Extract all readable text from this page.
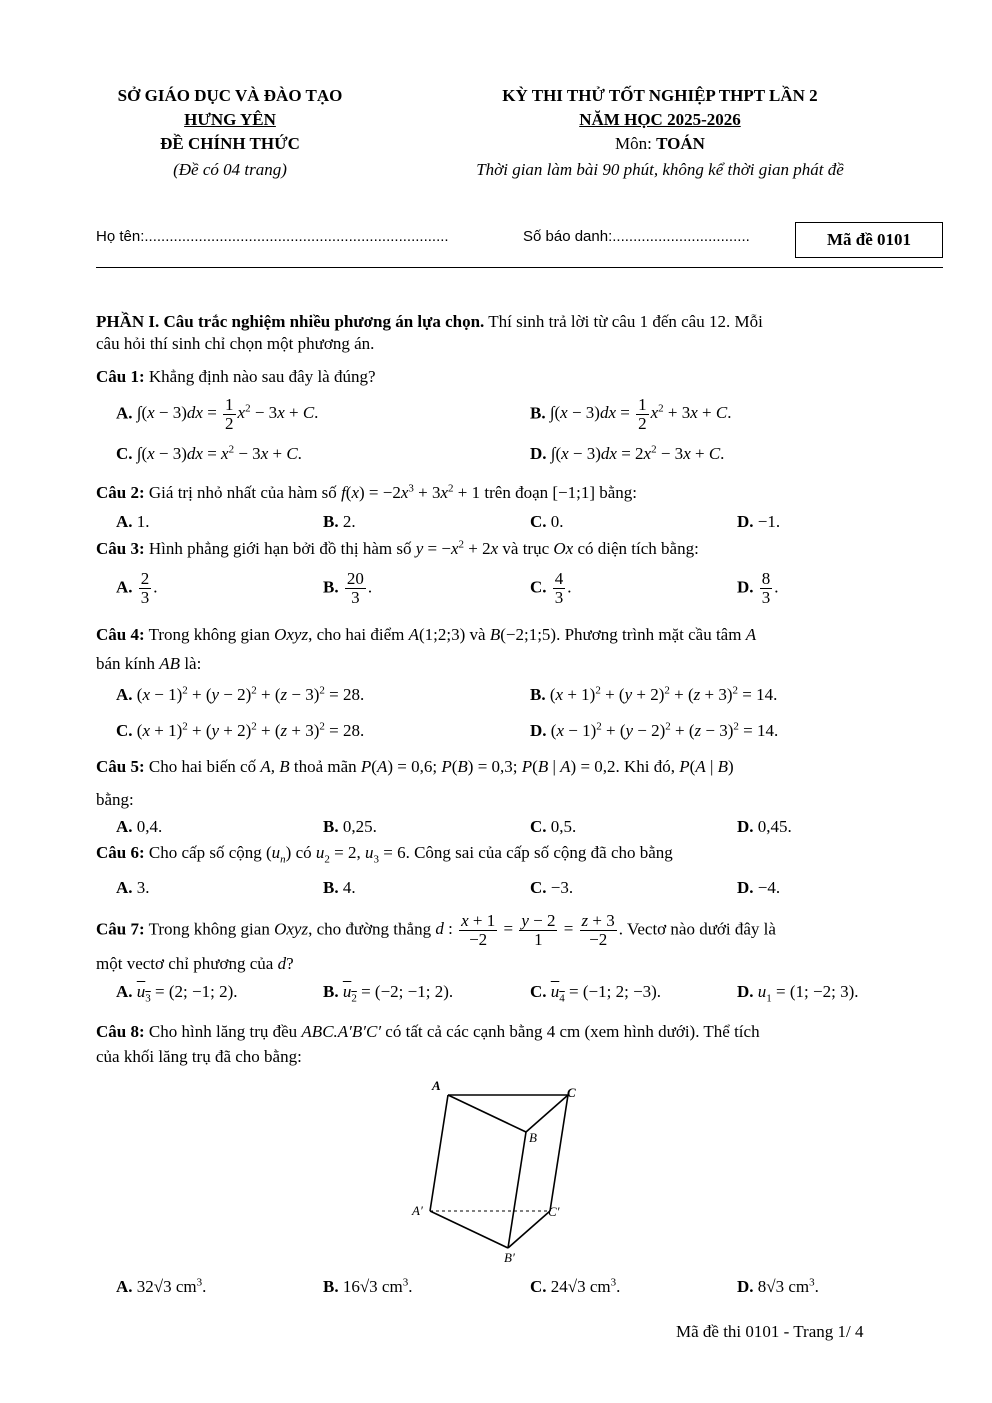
SỞ GIÁO DỤC VÀ ĐÀO TẠO
HƯNG YÊN
ĐỀ CHÍNH THỨC
(Đề có 04 trang)
KỲ THI THỬ TỐT NGHIỆP THPT LẦN 2
NĂM HỌC 2025-2026
Môn: TOÁN
Thời gian làm bài 90 phút, không kể thời gian phát đề
Họ tên:.........................................................................	Số báo danh:.................................	Mã đề 0101
PHẦN I. Câu trắc nghiệm nhiều phương án lựa chọn. Thí sinh trả lời từ câu 1 đến câu 12. Mỗi
câu hỏi thí sinh chỉ chọn một phương án.
Câu 1: Khẳng định nào sau đây là đúng?
A. $\int(x - 3)dx = \frac{1}{2} x^2 - 3x + C$.	B. $\int(x - 3)dx = \frac{1}{2} x^2 + 3x + C$.
C. $\int(x - 3)dx = x^2 - 3x + C$.	D. $\int(x - 3)dx = 2x^2 - 3x + C$.
Câu 2: Giá trị nhỏ nhất của hàm số $f(x) = -2x^3 + 3x^2 + 1$ trên đoạn [−1;1] bằng:
A. 1.	B. 2.	C. 0.	D. −1.
Câu 3: Hình phẳng giới hạn bởi đồ thị hàm số $y = -x^2 + 2x$ và trục Ox có diện tích bằng:
A. $\frac{2}{3}$ .	B. $\frac{20}{3}$ .	C. $\frac{4}{3}$ .	D. $\frac{8}{3}$ .
Câu 4: Trong không gian Oxyz, cho hai điểm A(1;2;3) và B(−2;1;5). Phương trình mặt cầu tâm A
bán kính AB là:
A. $(x - 1)^2 + (y - 2)^2 + (z - 3)^2 = 28$.	B. $(x + 1)^2 + (y + 2)^2 + (z + 3)^2 = 14$.
C. $(x + 1)^2 + (y + 2)^2 + (z + 3)^2 = 28$.	D. $(x - 1)^2 + (y - 2)^2 + (z - 3)^2 = 14$.
Câu 5: Cho hai biến cố A, B thoả mãn P(A) = 0,6; P(B) = 0,3; P(B | A) = 0,2. Khi đó, P(A | B)
bằng:
A. 0,4.	B. 0,25.	C. 0,5.	D. 0,45.
Câu 6: Cho cấp số cộng $(u_n)$ có $u_2 = 2$, $u_3 = 6$. Công sai của cấp số cộng đã cho bằng
A. 3.	B. 4.	C. −3.	D. −4.
Câu 7: Trong không gian Oxyz, cho đường thẳng d : $\frac{x + 1}{-2} = \frac{y - 2}{1} = \frac{z + 3}{-2}$ . Vectơ nào dưới đây là
một vectơ chỉ phương của d?
A. $u_3 = (2$; −1; 2).	B. $u_2 = (-2$; −1; 2).	C. $u_4 = (-1$; 2; −3).	D. $u_1 = (1$; −2; 3).
Câu 8: Cho hình lăng trụ đều ABC.A′B′C′ có tất cả các cạnh bằng 4 cm (xem hình dưới). Thể tích
của khối lăng trụ đã cho bằng:
A	C
B
A′	C′
B′
A. 32√3 $cm^3$.	B. 16√3 $cm^3$.	C. 24√3 $cm^3$.	D. 8√3 $cm^3$.
Mã đề thi 0101 - Trang 1/ 4
